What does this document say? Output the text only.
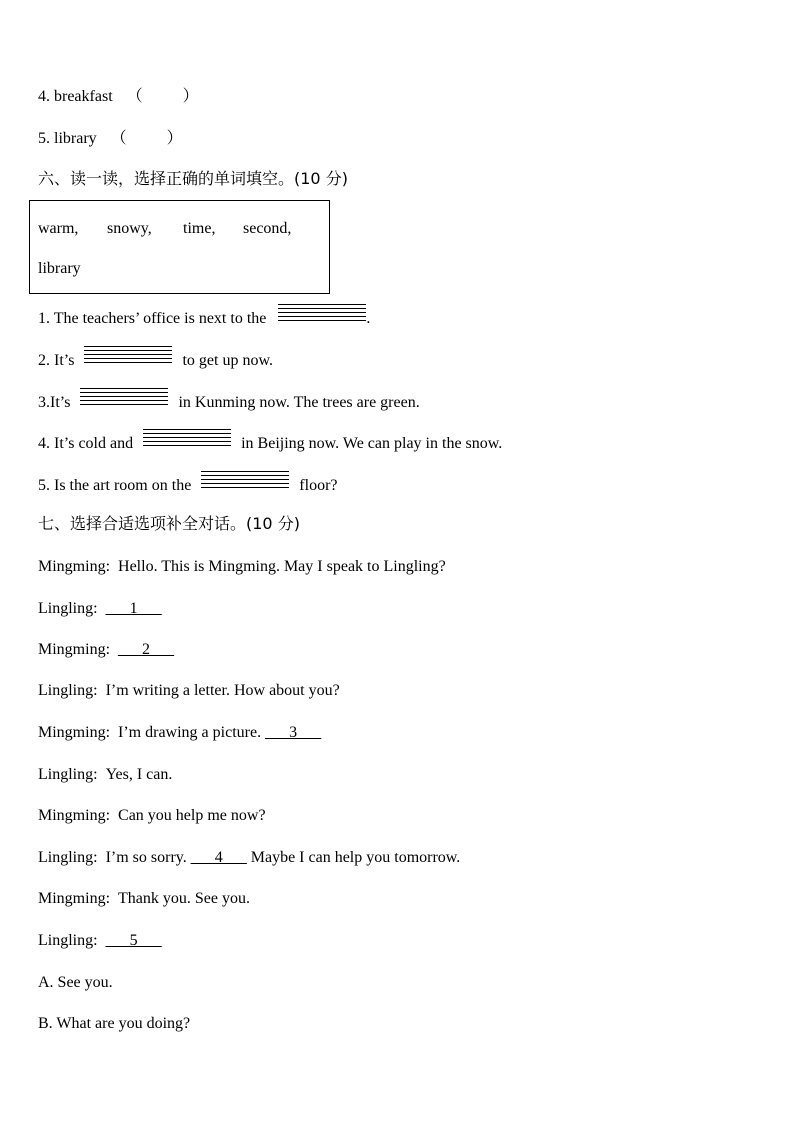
4. breakfast （	）
5. library （	）
六、读一读，选择正确的单词填空。(10 分)
warm, snowy, time, second,
library
1. The teachers’ office is next to the	.
2. It’s	to get up now.
3.It’s	in Kunming now. The trees are green.
4. It’s cold and	in Beijing now. We can play in the snow.
5. Is the art room on the	floor?
七、选择合适选项补全对话。(10 分)
Mingming: Hello. This is Mingming. May I speak to Lingling?
Lingling: ___1___
Mingming: ___2___
Lingling: I’m writing a letter. How about you?
Mingming: I’m drawing a picture. ___3___
Lingling: Yes, I can.
Mingming: Can you help me now?
Lingling: I’m so sorry. ___4___ Maybe I can help you tomorrow.
Mingming: Thank you. See you.
Lingling: ___5___
A. See you.
B. What are you doing?
